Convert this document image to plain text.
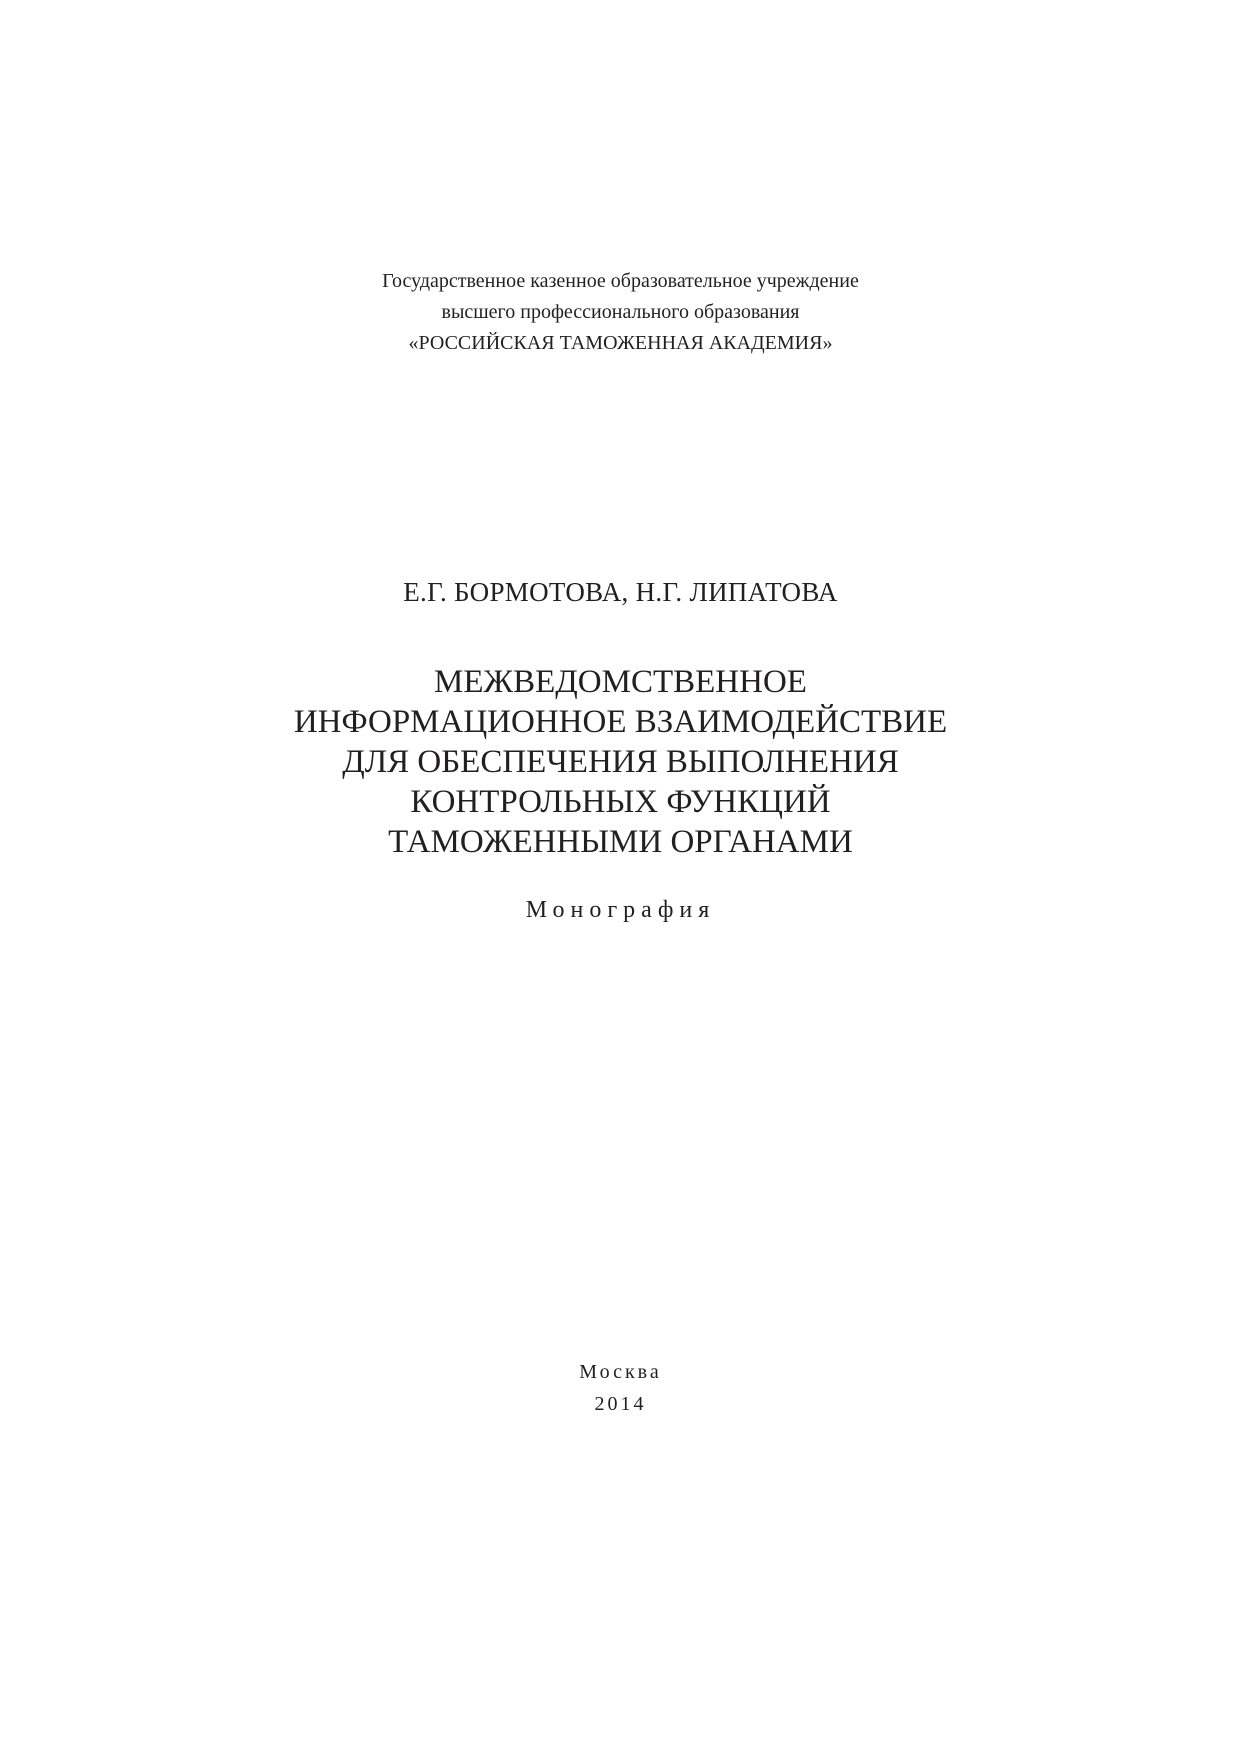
Государственное казенное образовательное учреждение
высшего профессионального образования
«РОССИЙСКАЯ ТАМОЖЕННАЯ АКАДЕМИЯ»
Е.Г. БОРМОТОВА, Н.Г. ЛИПАТОВА
МЕЖВЕДОМСТВЕННОЕ
ИНФОРМАЦИОННОЕ ВЗАИМОДЕЙСТВИЕ
ДЛЯ ОБЕСПЕЧЕНИЯ ВЫПОЛНЕНИЯ
КОНТРОЛЬНЫХ ФУНКЦИЙ
ТАМОЖЕННЫМИ ОРГАНАМИ
Монография
Москва
2014
